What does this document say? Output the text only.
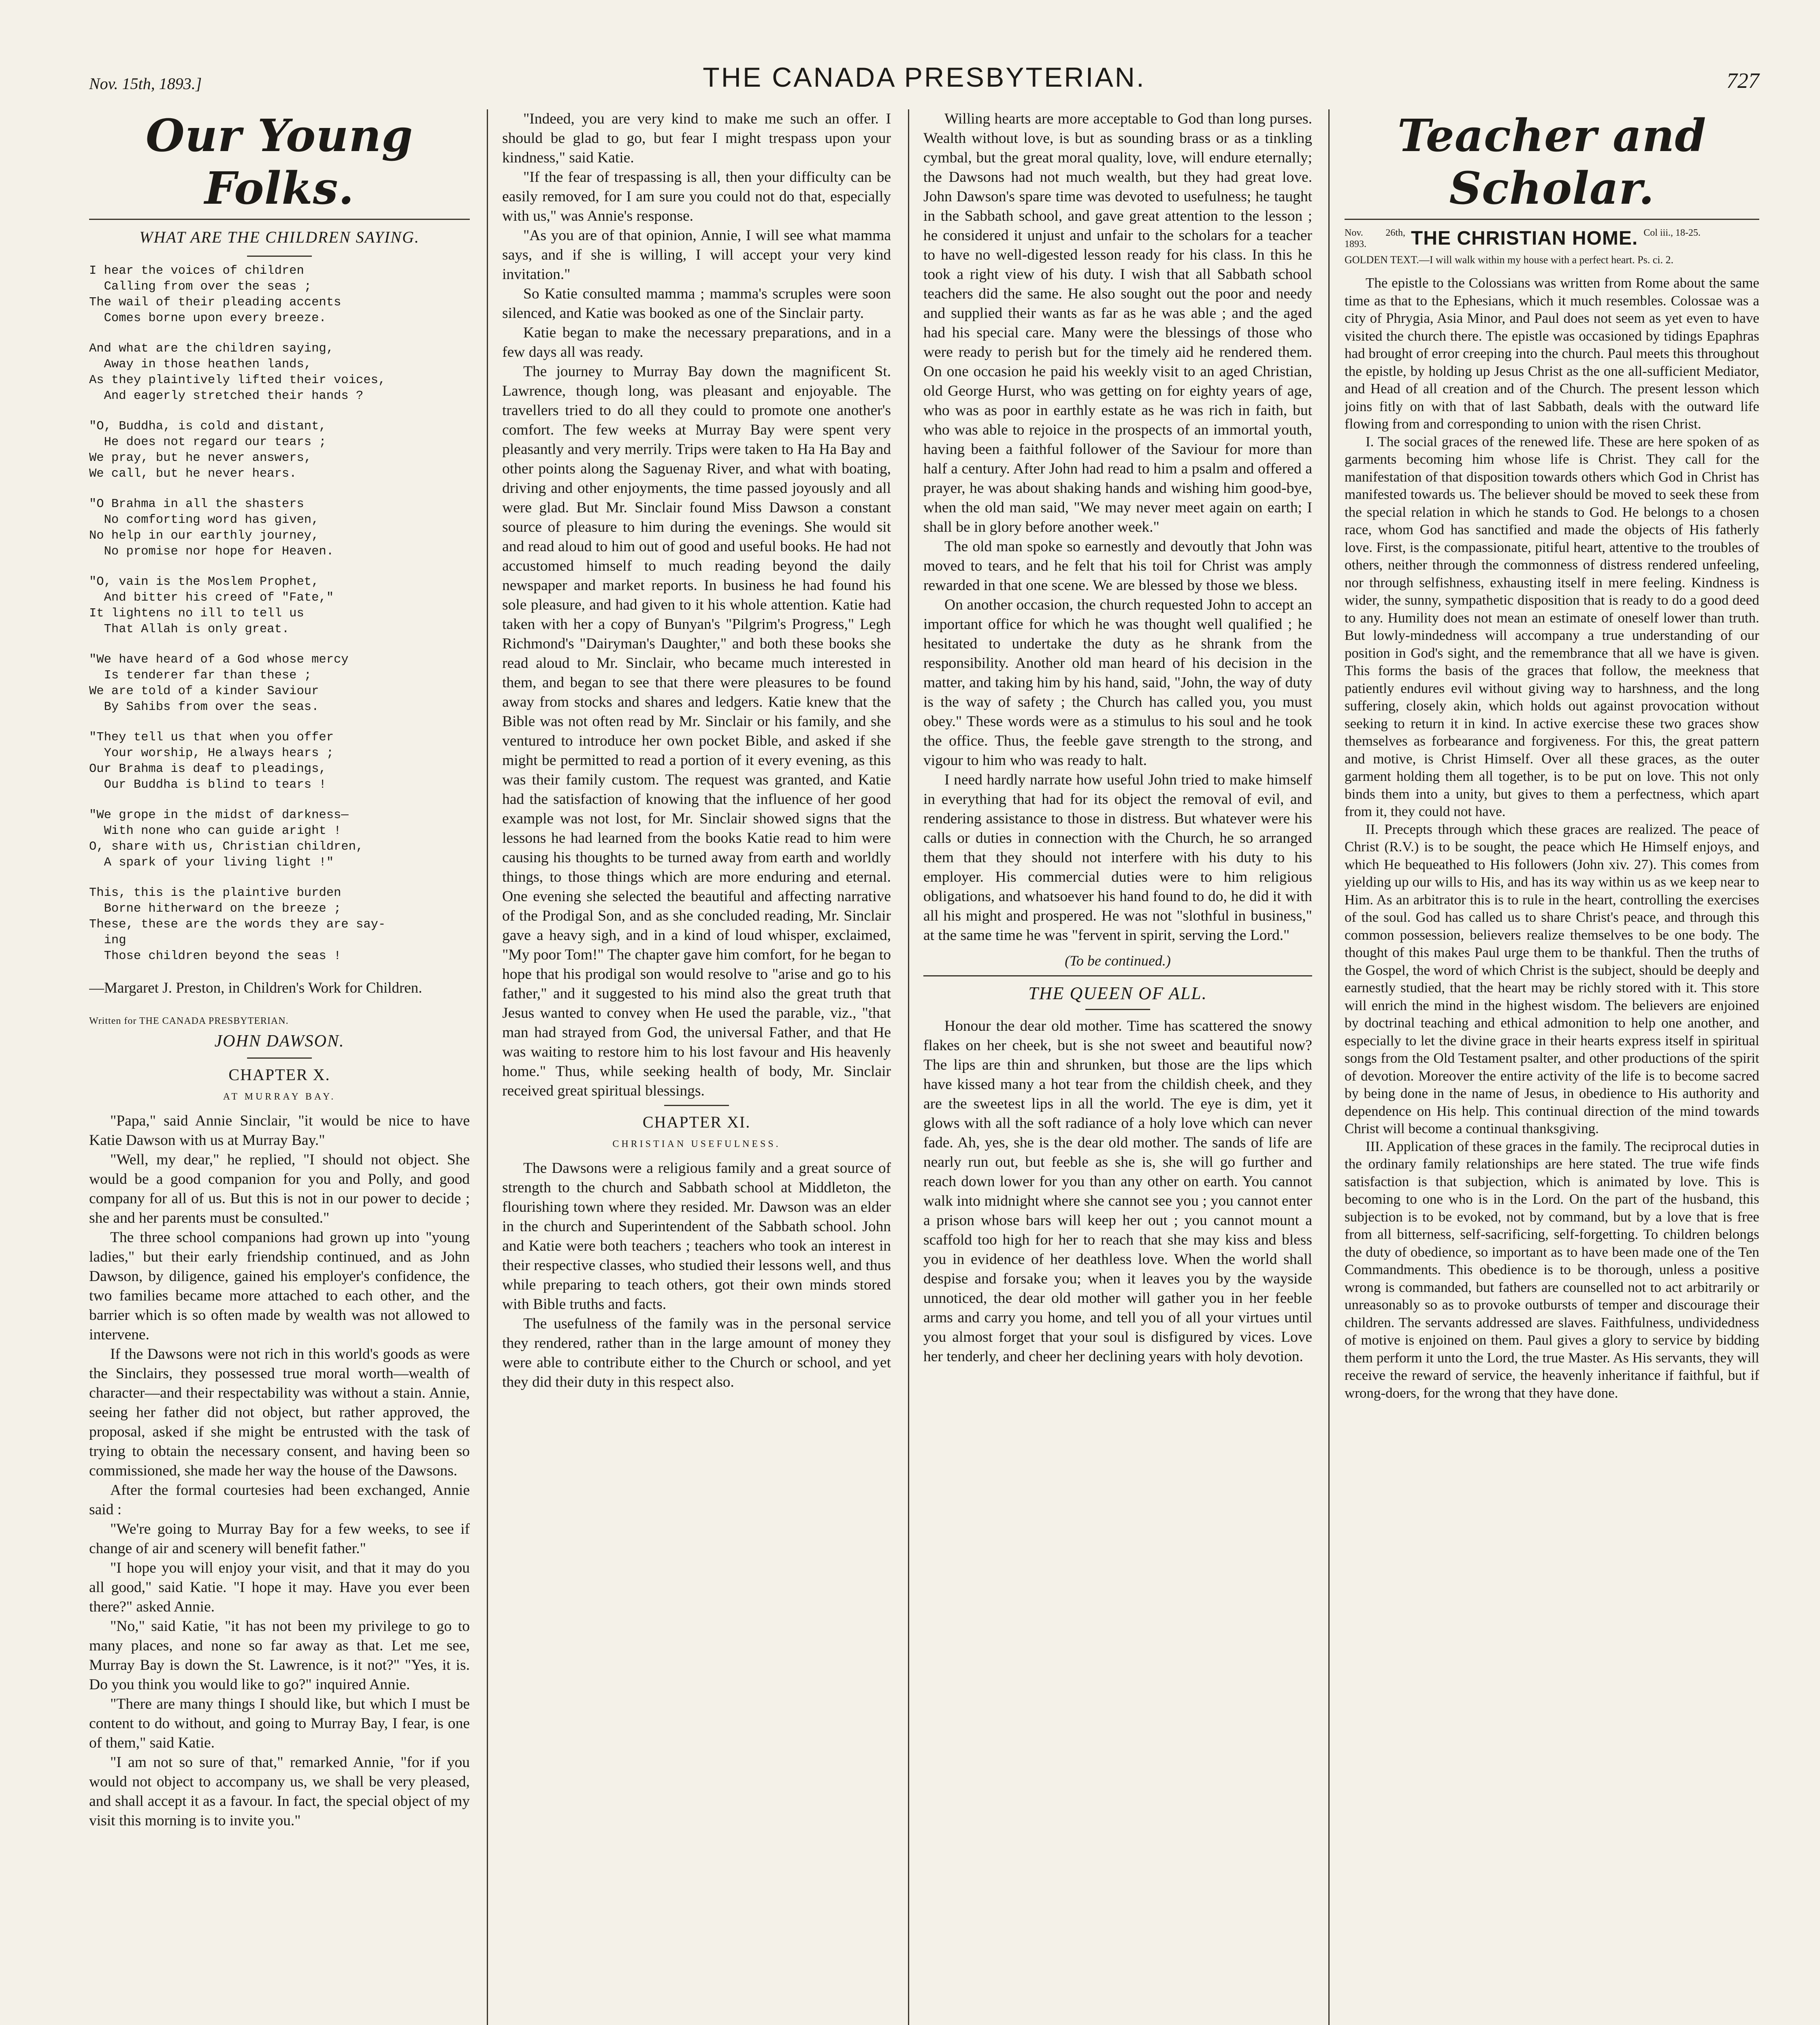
Nov. 15th, 1893.]	THE CANADA PRESBYTERIAN.	727
Our Young Folks.
WHAT ARE THE CHILDREN SAYING.
I hear the voices of children
Calling from over the seas ;
The wail of their pleading accents
Comes borne upon every breeze.
And what are the children saying,
Away in those heathen lands,
As they plaintively lifted their voices,
And eagerly stretched their hands ?
"O, Buddha, is cold and distant,
He does not regard our tears ;
We pray, but he never answers,
We call, but he never hears.
"O Brahma in all the shasters
No comforting word has given,
No help in our earthly journey,
No promise nor hope for Heaven.
"O, vain is the Moslem Prophet,
And bitter his creed of "Fate,"
It lightens no ill to tell us
That Allah is only great.
"We have heard of a God whose mercy
Is tenderer far than these ;
We are told of a kinder Saviour
By Sahibs from over the seas.
"They tell us that when you offer
Your worship, He always hears ;
Our Brahma is deaf to pleadings,
Our Buddha is blind to tears !
"We grope in the midst of darkness—
With none who can guide aright !
O, share with us, Christian children,
A spark of your living light !"
This, this is the plaintive burden
Borne hitherward on the breeze ;
These, these are the words they are say-
ing
Those children beyond the seas !
—Margaret J. Preston, in Children's Work for Children.
Written for THE CANADA PRESBYTERIAN.
JOHN DAWSON.
CHAPTER X.
AT MURRAY BAY.

"Papa," said Annie Sinclair, "it would be nice to have Katie Dawson with us at Murray Bay."

"Well, my dear," he replied, "I should not object. She would be a good companion for you and Polly, and good company for all of us. But this is not in our power to decide ; she and her parents must be consulted."

The three school companions had grown up into "young ladies," but their early friendship continued, and as John Dawson, by diligence, gained his employer's confidence, the two families became more attached to each other, and the barrier which is so often made by wealth was not allowed to intervene.

If the Dawsons were not rich in this world's goods as were the Sinclairs, they possessed true moral worth—wealth of character—and their respectability was without a stain. Annie, seeing her father did not object, but rather approved, the proposal, asked if she might be entrusted with the task of trying to obtain the necessary consent, and having been so commissioned, she made her way the house of the Dawsons.

After the formal courtesies had been exchanged, Annie said :

"We're going to Murray Bay for a few weeks, to see if change of air and scenery will benefit father."

"I hope you will enjoy your visit, and that it may do you all good," said Katie. "I hope it may. Have you ever been there?" asked Annie.

"No," said Katie, "it has not been my privilege to go to many places, and none so far away as that. Let me see, Murray Bay is down the St. Lawrence, is it not?" "Yes, it is. Do you think you would like to go?" inquired Annie.

"There are many things I should like, but which I must be content to do without, and going to Murray Bay, I fear, is one of them," said Katie.

"I am not so sure of that," remarked Annie, "for if you would not object to accompany us, we shall be very pleased, and shall accept it as a favour. In fact, the special object of my visit this morning is to invite you."

"Indeed, you are very kind to make me such an offer. I should be glad to go, but fear I might trespass upon your kindness," said Katie.

"If the fear of trespassing is all, then your difficulty can be easily removed, for I am sure you could not do that, especially with us," was Annie's response.

"As you are of that opinion, Annie, I will see what mamma says, and if she is willing, I will accept your very kind invitation."

So Katie consulted mamma ; mamma's scruples were soon silenced, and Katie was booked as one of the Sinclair party.

Katie began to make the necessary preparations, and in a few days all was ready.

The journey to Murray Bay down the magnificent St. Lawrence, though long, was pleasant and enjoyable. The travellers tried to do all they could to promote one another's comfort. The few weeks at Murray Bay were spent very pleasantly and very merrily. Trips were taken to Ha Ha Bay and other points along the Saguenay River, and what with boating, driving and other enjoyments, the time passed joyously and all were glad. But Mr. Sinclair found Miss Dawson a constant source of pleasure to him during the evenings. She would sit and read aloud to him out of good and useful books. He had not accustomed himself to much reading beyond the daily newspaper and market reports. In business he had found his sole pleasure, and had given to it his whole attention. Katie had taken with her a copy of Bunyan's "Pilgrim's Progress," Legh Richmond's "Dairyman's Daughter," and both these books she read aloud to Mr. Sinclair, who became much interested in them, and began to see that there were pleasures to be found away from stocks and shares and ledgers. Katie knew that the Bible was not often read by Mr. Sinclair or his family, and she ventured to introduce her own pocket Bible, and asked if she might be permitted to read a portion of it every evening, as this was their family custom. The request was granted, and Katie had the satisfaction of knowing that the influence of her good example was not lost, for Mr. Sinclair showed signs that the lessons he had learned from the books Katie read to him were causing his thoughts to be turned away from earth and worldly things, to those things which are more enduring and eternal. One evening she selected the beautiful and affecting narrative of the Prodigal Son, and as she concluded reading, Mr. Sinclair gave a heavy sigh, and in a kind of loud whisper, exclaimed, "My poor Tom!" The chapter gave him comfort, for he began to hope that his prodigal son would resolve to "arise and go to his father," and it suggested to his mind also the great truth that Jesus wanted to convey when He used the parable, viz., "that man had strayed from God, the universal Father, and that He was waiting to restore him to his lost favour and His heavenly home." Thus, while seeking health of body, Mr. Sinclair received great spiritual blessings.

CHAPTER XI.
CHRISTIAN USEFULNESS.

The Dawsons were a religious family and a great source of strength to the church and Sabbath school at Middleton, the flourishing town where they resided. Mr. Dawson was an elder in the church and Superintendent of the Sabbath school. John and Katie were both teachers ; teachers who took an interest in their respective classes, who studied their lessons well, and thus while preparing to teach others, got their own minds stored with Bible truths and facts.

The usefulness of the family was in the personal service they rendered, rather than in the large amount of money they were able to contribute either to the Church or school, and yet they did their duty in this respect also.

Willing hearts are more acceptable to God than long purses. Wealth without love, is but as sounding brass or as a tinkling cymbal, but the great moral quality, love, will endure eternally; the Dawsons had not much wealth, but they had great love. John Dawson's spare time was devoted to usefulness; he taught in the Sabbath school, and gave great attention to the lesson ; he considered it unjust and unfair to the scholars for a teacher to have no well-digested lesson ready for his class. In this he took a right view of his duty. I wish that all Sabbath school teachers did the same. He also sought out the poor and needy and supplied their wants as far as he was able ; and the aged had his special care. Many were the blessings of those who were ready to perish but for the timely aid he rendered them. On one occasion he paid his weekly visit to an aged Christian, old George Hurst, who was getting on for eighty years of age, who was as poor in earthly estate as he was rich in faith, but who was able to rejoice in the prospects of an immortal youth, having been a faithful follower of the Saviour for more than half a century. After John had read to him a psalm and offered a prayer, he was about shaking hands and wishing him good-bye, when the old man said, "We may never meet again on earth; I shall be in glory before another week."

The old man spoke so earnestly and devoutly that John was moved to tears, and he felt that his toil for Christ was amply rewarded in that one scene. We are blessed by those we bless.

On another occasion, the church requested John to accept an important office for which he was thought well qualified ; he hesitated to undertake the duty as he shrank from the responsibility. Another old man heard of his decision in the matter, and taking him by his hand, said, "John, the way of duty is the way of safety ; the Church has called you, you must obey." These words were as a stimulus to his soul and he took the office. Thus, the feeble gave strength to the strong, and vigour to him who was ready to halt.

I need hardly narrate how useful John tried to make himself in everything that had for its object the removal of evil, and rendering assistance to those in distress. But whatever were his calls or duties in connection with the Church, he so arranged them that they should not interfere with his duty to his employer. His commercial duties were to him religious obligations, and whatsoever his hand found to do, he did it with all his might and prospered. He was not "slothful in business," at the same time he was "fervent in spirit, serving the Lord."

(To be continued.)
THE QUEEN OF ALL.

Honour the dear old mother. Time has scattered the snowy flakes on her cheek, but is she not sweet and beautiful now? The lips are thin and shrunken, but those are the lips which have kissed many a hot tear from the childish cheek, and they are the sweetest lips in all the world. The eye is dim, yet it glows with all the soft radiance of a holy love which can never fade. Ah, yes, she is the dear old mother. The sands of life are nearly run out, but feeble as she is, she will go further and reach down lower for you than any other on earth. You cannot walk into midnight where she cannot see you ; you cannot enter a prison whose bars will keep her out ; you cannot mount a scaffold too high for her to reach that she may kiss and bless you in evidence of her deathless love. When the world shall despise and forsake you; when it leaves you by the wayside unnoticed, the dear old mother will gather you in her feeble arms and carry you home, and tell you of all your virtues until you almost forget that your soul is disfigured by vices. Love her tenderly, and cheer her declining years with holy devotion.

Teacher and Scholar.
Nov. 26th, 1893.	THE CHRISTIAN HOME. Col iii., 18-25.
GOLDEN TEXT.—I will walk within my house with a perfect heart. Ps. ci. 2.

The epistle to the Colossians was written from Rome about the same time as that to the Ephesians, which it much resembles. Colossae was a city of Phrygia, Asia Minor, and Paul does not seem as yet even to have visited the church there. The epistle was occasioned by tidings Epaphras had brought of error creeping into the church. Paul meets this throughout the epistle, by holding up Jesus Christ as the one all-sufficient Mediator, and Head of all creation and of the Church. The present lesson which joins fitly on with that of last Sabbath, deals with the outward life flowing from and corresponding to union with the risen Christ.

I. The social graces of the renewed life. These are here spoken of as garments becoming him whose life is Christ. They call for the manifestation of that disposition towards others which God in Christ has manifested towards us. The believer should be moved to seek these from the special relation in which he stands to God. He belongs to a chosen race, whom God has sanctified and made the objects of His fatherly love. First, is the compassionate, pitiful heart, attentive to the troubles of others, neither through the commonness of distress rendered unfeeling, nor through selfishness, exhausting itself in mere feeling. Kindness is wider, the sunny, sympathetic disposition that is ready to do a good deed to any. Humility does not mean an estimate of oneself lower than truth. But lowly-mindedness will accompany a true understanding of our position in God's sight, and the remembrance that all we have is given. This forms the basis of the graces that follow, the meekness that patiently endures evil without giving way to harshness, and the long suffering, closely akin, which holds out against provocation without seeking to return it in kind. In active exercise these two graces show themselves as forbearance and forgiveness. For this, the great pattern and motive, is Christ Himself. Over all these graces, as the outer garment holding them all together, is to be put on love. This not only binds them into a unity, but gives to them a perfectness, which apart from it, they could not have.

II. Precepts through which these graces are realized. The peace of Christ (R.V.) is to be sought, the peace which He Himself enjoys, and which He bequeathed to His followers (John xiv. 27). This comes from yielding up our wills to His, and has its way within us as we keep near to Him. As an arbitrator this is to rule in the heart, controlling the exercises of the soul. God has called us to share Christ's peace, and through this common possession, believers realize themselves to be one body. The thought of this makes Paul urge them to be thankful. Then the truths of the Gospel, the word of which Christ is the subject, should be deeply and earnestly studied, that the heart may be richly stored with it. This store will enrich the mind in the highest wisdom. The believers are enjoined by doctrinal teaching and ethical admonition to help one another, and especially to let the divine grace in their hearts express itself in spiritual songs from the Old Testament psalter, and other productions of the spirit of devotion. Moreover the entire activity of the life is to become sacred by being done in the name of Jesus, in obedience to His authority and dependence on His help. This continual direction of the mind towards Christ will become a continual thanksgiving.

III. Application of these graces in the family. The reciprocal duties in the ordinary family relationships are here stated. The true wife finds satisfaction is that subjection, which is animated by love. This is becoming to one who is in the Lord. On the part of the husband, this subjection is to be evoked, not by command, but by a love that is free from all bitterness, self-sacrificing, self-forgetting. To children belongs the duty of obedience, so important as to have been made one of the Ten Commandments. This obedience is to be thorough, unless a positive wrong is commanded, but fathers are counselled not to act arbitrarily or unreasonably so as to provoke outbursts of temper and discourage their children. The servants addressed are slaves. Faithfulness, undividedness of motive is enjoined on them. Paul gives a glory to service by bidding them perform it unto the Lord, the true Master. As His servants, they will receive the reward of service, the heavenly inheritance if faithful, but if wrong-doers, for the wrong that they have done.
